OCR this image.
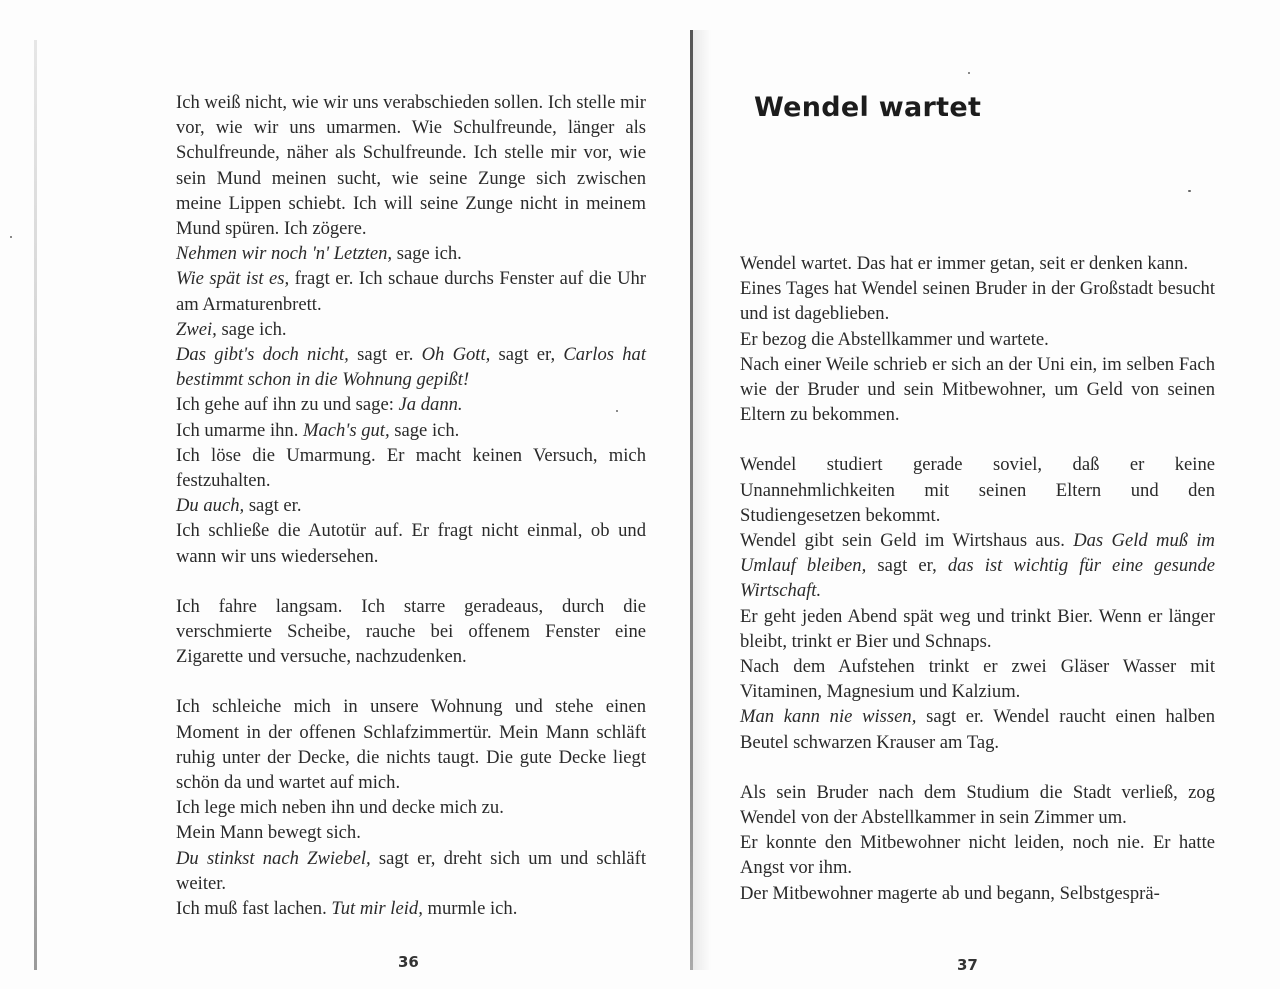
Ich weiß nicht, wie wir uns verabschieden sollen. Ich stelle mir vor, wie wir uns umarmen. Wie Schulfreunde, länger als Schulfreunde, näher als Schulfreunde. Ich stelle mir vor, wie sein Mund meinen sucht, wie seine Zunge sich zwischen meine Lippen schiebt. Ich will seine Zunge nicht in meinem Mund spüren. Ich zögere.

Nehmen wir noch 'n' Letzten, sage ich.

Wie spät ist es, fragt er. Ich schaue durchs Fenster auf die Uhr am Armaturenbrett.

Zwei, sage ich.

Das gibt's doch nicht, sagt er. Oh Gott, sagt er, Carlos hat bestimmt schon in die Wohnung gepißt!

Ich gehe auf ihn zu und sage: Ja dann.

Ich umarme ihn. Mach's gut, sage ich.

Ich löse die Umarmung. Er macht keinen Versuch, mich festzuhalten.

Du auch, sagt er.

Ich schließe die Autotür auf. Er fragt nicht einmal, ob und wann wir uns wiedersehen.

Ich fahre langsam. Ich starre geradeaus, durch die verschmierte Scheibe, rauche bei offenem Fenster eine Zigarette und versuche, nachzudenken.

Ich schleiche mich in unsere Wohnung und stehe einen Moment in der offenen Schlafzimmertür. Mein Mann schläft ruhig unter der Decke, die nichts taugt. Die gute Decke liegt schön da und wartet auf mich.

Ich lege mich neben ihn und decke mich zu.

Mein Mann bewegt sich.

Du stinkst nach Zwiebel, sagt er, dreht sich um und schläft weiter.

Ich muß fast lachen. Tut mir leid, murmle ich.

36
Wendel wartet

Wendel wartet. Das hat er immer getan, seit er denken kann.

Eines Tages hat Wendel seinen Bruder in der Großstadt besucht und ist dageblieben.

Er bezog die Abstellkammer und wartete.

Nach einer Weile schrieb er sich an der Uni ein, im selben Fach wie der Bruder und sein Mitbewohner, um Geld von seinen Eltern zu bekommen.

Wendel studiert gerade soviel, daß er keine Unannehmlichkeiten mit seinen Eltern und den Studiengesetzen bekommt.

Wendel gibt sein Geld im Wirtshaus aus. Das Geld muß im Umlauf bleiben, sagt er, das ist wichtig für eine gesunde Wirtschaft.

Er geht jeden Abend spät weg und trinkt Bier. Wenn er länger bleibt, trinkt er Bier und Schnaps.

Nach dem Aufstehen trinkt er zwei Gläser Wasser mit Vitaminen, Magnesium und Kalzium.

Man kann nie wissen, sagt er. Wendel raucht einen halben Beutel schwarzen Krauser am Tag.

Als sein Bruder nach dem Studium die Stadt verließ, zog Wendel von der Abstellkammer in sein Zimmer um.

Er konnte den Mitbewohner nicht leiden, noch nie. Er hatte Angst vor ihm.

Der Mitbewohner magerte ab und begann, Selbstgesprä-

37
